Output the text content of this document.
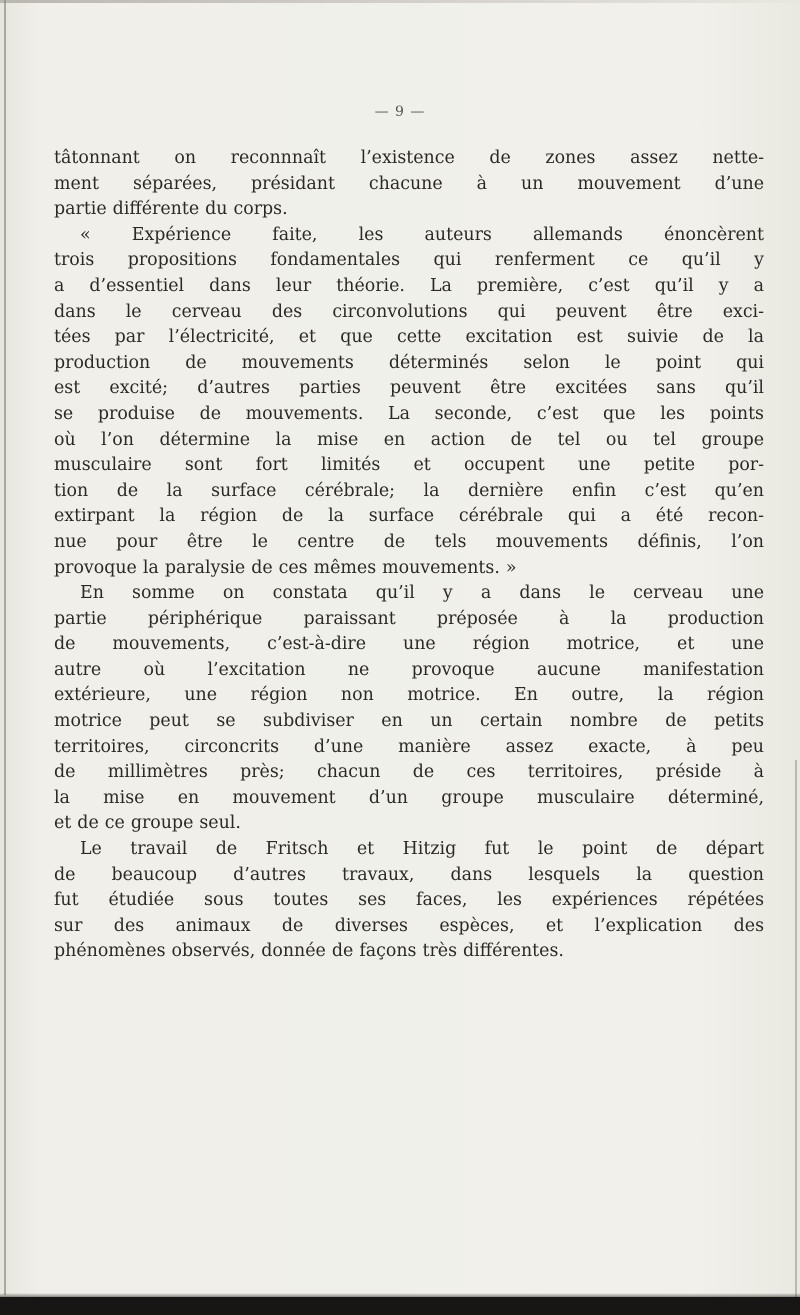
— 9 —

tâtonnant on reconnnaît l’existence de zones assez nette-
ment séparées, présidant chacune à un mouvement d’une
partie différente du corps.

« Expérience faite, les auteurs allemands énoncèrent
trois propositions fondamentales qui renferment ce qu’il y
a d’essentiel dans leur théorie. La première, c’est qu’il y a
dans le cerveau des circonvolutions qui peuvent être exci-
tées par l’électricité, et que cette excitation est suivie de la
production de mouvements déterminés selon le point qui
est excité; d’autres parties peuvent être excitées sans qu’il
se produise de mouvements. La seconde, c’est que les points
où l’on détermine la mise en action de tel ou tel groupe
musculaire sont fort limités et occupent une petite por-
tion de la surface cérébrale; la dernière enfin c’est qu’en
extirpant la région de la surface cérébrale qui a été recon-
nue pour être le centre de tels mouvements définis, l’on
provoque la paralysie de ces mêmes mouvements. »

En somme on constata qu’il y a dans le cerveau une
partie périphérique paraissant préposée à la production
de mouvements, c’est-à-dire une région motrice, et une
autre où l’excitation ne provoque aucune manifestation
extérieure, une région non motrice. En outre, la région
motrice peut se subdiviser en un certain nombre de petits
territoires, circoncrits d’une manière assez exacte, à peu
de millimètres près; chacun de ces territoires, préside à
la mise en mouvement d’un groupe musculaire déterminé,
et de ce groupe seul.

Le travail de Fritsch et Hitzig fut le point de départ
de beaucoup d’autres travaux, dans lesquels la question
fut étudiée sous toutes ses faces, les expériences répétées
sur des animaux de diverses espèces, et l’explication des
phénomènes observés, donnée de façons très différentes.
